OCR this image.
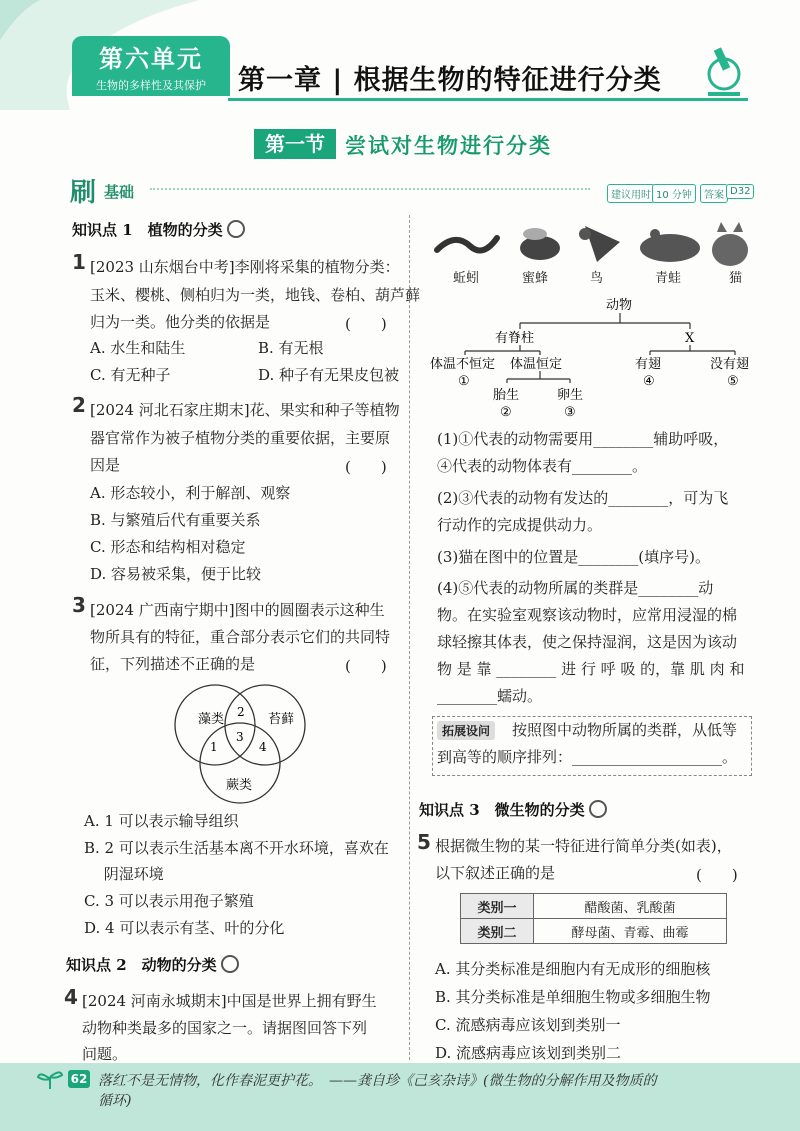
第六单元
生物的多样性及其保护	第一章 | 根据生物的特征进行分类
第一节 尝试对生物进行分类
刷 基础	建议用时 10 分钟	答案 D32
知识点 1　植物的分类
1 [2023 山东烟台中考]李刚将采集的植物分类：
玉米、樱桃、侧柏归为一类，地钱、卷柏、葫芦藓
归为一类。他分类的依据是	(　　)
A. 水生和陆生	B. 有无根
C. 有无种子	D. 种子有无果皮包被
2 [2024 河北石家庄期末]花、果实和种子等植物
器官常作为被子植物分类的重要依据，主要原
因是	(　　)
A. 形态较小，利于解剖、观察
B. 与繁殖后代有重要关系
C. 形态和结构相对稳定
D. 容易被采集，便于比较
3 [2024 广西南宁期中]图中的圆圈表示这种生
物所具有的特征，重合部分表示它们的共同特
征，下列描述不正确的是	(　　)
藻类	苔藓
蕨类
2
1
3
4
A. 1 可以表示输导组织
B. 2 可以表示生活基本离不开水环境，喜欢在
　 阴湿环境
C. 3 可以表示用孢子繁殖
D. 4 可以表示有茎、叶的分化
知识点 2　动物的分类
4 [2024 河南永城期末]中国是世界上拥有野生
动物种类最多的国家之一。请据图回答下列
问题。
蚯蚓	蜜蜂	鸟	青蛙	猫
动物
有脊柱	X
体温不恒定 体温恒定	有翅	没有翅
①	④	⑤
胎生	卵生
②	③
(1)①代表的动物需要用________辅助呼吸，
④代表的动物体表有________。
(2)③代表的动物有发达的________，可为飞
行动作的完成提供动力。
(3)猫在图中的位置是________(填序号)。
(4)⑤代表的动物所属的类群是________动
物。在实验室观察该动物时，应常用浸湿的棉
球轻擦其体表，使之保持湿润，这是因为该动
物 是 靠 ________ 进 行 呼 吸 的，靠 肌 肉 和
________蠕动。
拓展设问	按照图中动物所属的类群，从低等
到高等的顺序排列：____________________。
知识点 3　微生物的分类
5 根据微生物的某一特征进行简单分类(如表)，
以下叙述正确的是	(　　)
类别一	醋酸菌、乳酸菌
类别二	酵母菌、青霉、曲霉
A. 其分类标准是细胞内有无成形的细胞核
B. 其分类标准是单细胞生物或多细胞生物
C. 流感病毒应该划到类别一
D. 流感病毒应该划到类别二
62 落红不是无情物，化作春泥更护花。　——龚自珍《己亥杂诗》(微生物的分解作用及物质的
循环)
